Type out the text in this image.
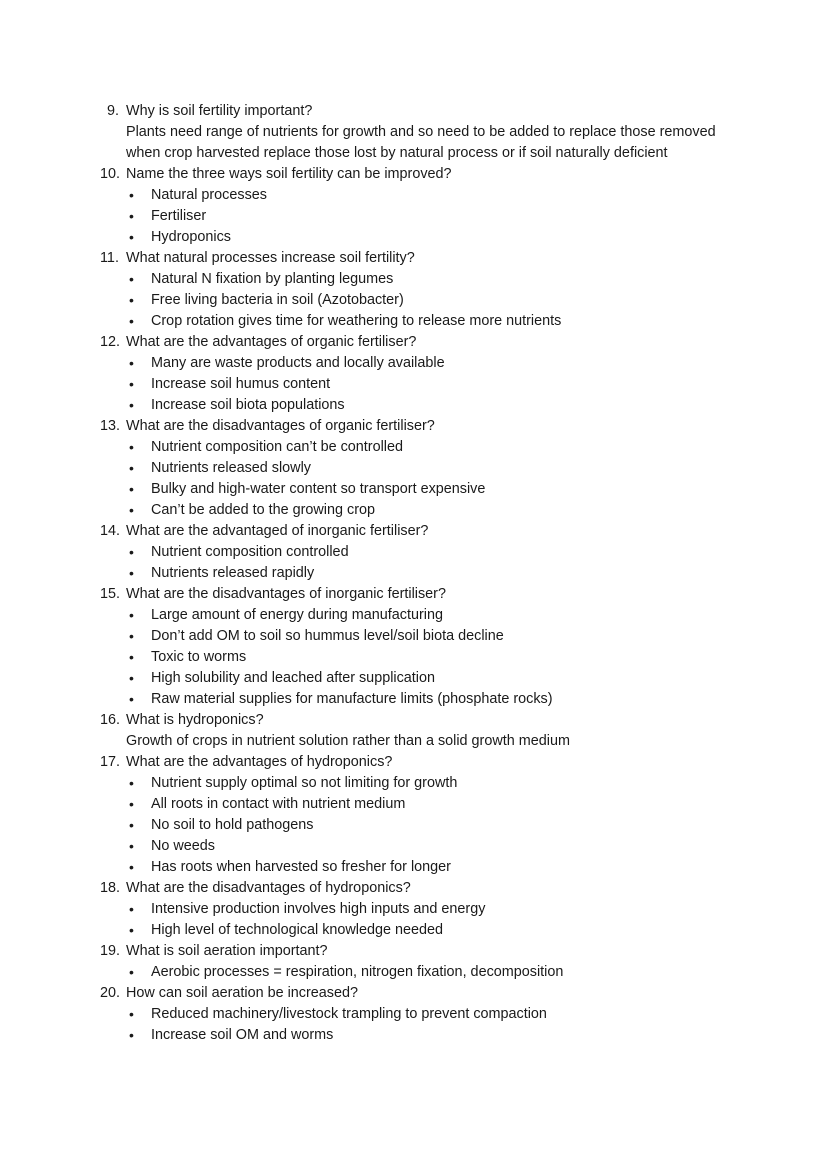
9. Why is soil fertility important?
Plants need range of nutrients for growth and so need to be added to replace those removed when crop harvested replace those lost by natural process or if soil naturally deficient
10. Name the three ways soil fertility can be improved?
• Natural processes
• Fertiliser
• Hydroponics
11. What natural processes increase soil fertility?
• Natural N fixation by planting legumes
• Free living bacteria in soil (Azotobacter)
• Crop rotation gives time for weathering to release more nutrients
12. What are the advantages of organic fertiliser?
• Many are waste products and locally available
• Increase soil humus content
• Increase soil biota populations
13. What are the disadvantages of organic fertiliser?
• Nutrient composition can’t be controlled
• Nutrients released slowly
• Bulky and high-water content so transport expensive
• Can’t be added to the growing crop
14. What are the advantaged of inorganic fertiliser?
• Nutrient composition controlled
• Nutrients released rapidly
15. What are the disadvantages of inorganic fertiliser?
• Large amount of energy during manufacturing
• Don’t add OM to soil so hummus level/soil biota decline
• Toxic to worms
• High solubility and leached after supplication
• Raw material supplies for manufacture limits (phosphate rocks)
16. What is hydroponics?
Growth of crops in nutrient solution rather than a solid growth medium
17. What are the advantages of hydroponics?
• Nutrient supply optimal so not limiting for growth
• All roots in contact with nutrient medium
• No soil to hold pathogens
• No weeds
• Has roots when harvested so fresher for longer
18. What are the disadvantages of hydroponics?
• Intensive production involves high inputs and energy
• High level of technological knowledge needed
19. What is soil aeration important?
• Aerobic processes = respiration, nitrogen fixation, decomposition
20. How can soil aeration be increased?
• Reduced machinery/livestock trampling to prevent compaction
• Increase soil OM and worms
